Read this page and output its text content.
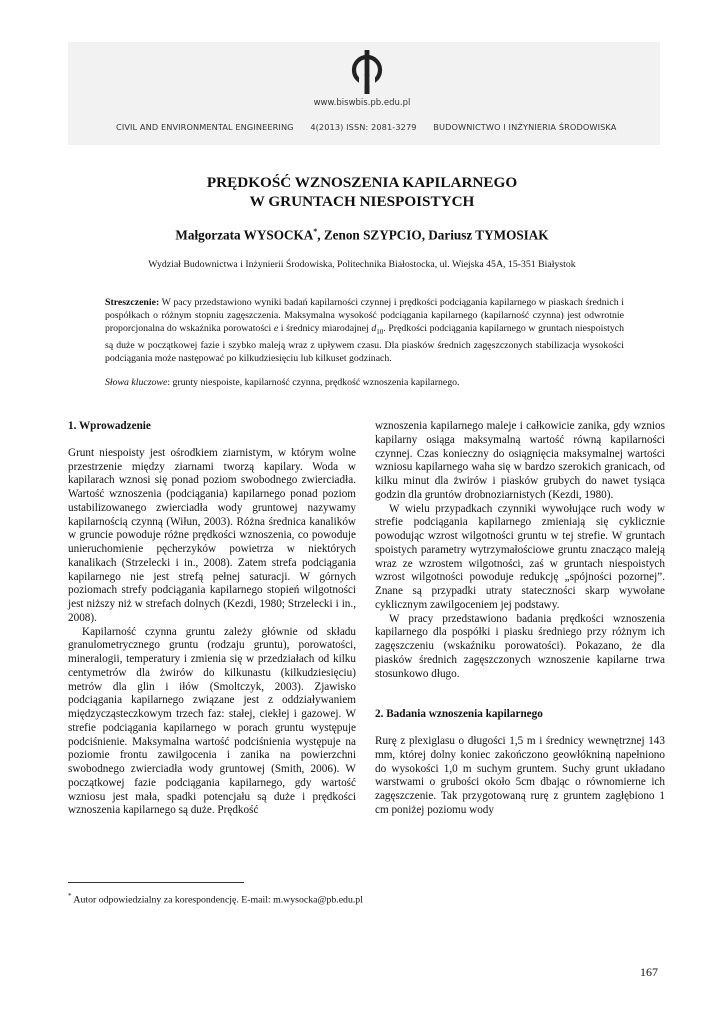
www.biswbis.pb.edu.pl
CIVIL AND ENVIRONMENTAL ENGINEERING 4(2013) ISSN: 2081-3279 BUDOWNICTWO I INŻYNIERIA ŚRODOWISKA
PRĘDKOŚĆ WZNOSZENIA KAPILARNEGO
W GRUNTACH NIESPOISTYCH
Małgorzata WYSOCKA*, Zenon SZYPCIO, Dariusz TYMOSIAK
Wydział Budownictwa i Inżynierii Środowiska, Politechnika Białostocka, ul. Wiejska 45A, 15-351 Białystok
Streszczenie: W pacy przedstawiono wyniki badań kapilarności czynnej i prędkości podciągania kapilarnego w piaskach średnich i pospółkach o różnym stopniu zagęszczenia. Maksymalna wysokość podciągania kapilarnego (kapilarność czynna) jest odwrotnie proporcjonalna do wskaźnika porowatości e i średnicy miarodajnej $d_{10}$. Prędkości podciągania kapilarnego w gruntach niespoistych są duże w początkowej fazie i szybko maleją wraz z upływem czasu. Dla piasków średnich zagęszczonych stabilizacja wysokości podciągania może następować po kilkudziesięciu lub kilkuset godzinach.
Słowa kluczowe: grunty niespoiste, kapilarność czynna, prędkość wznoszenia kapilarnego.

1. Wprowadzenie

Grunt niespoisty jest ośrodkiem ziarnistym, w którym wolne przestrzenie między ziarnami tworzą kapilary. Woda w kapilarach wznosi się ponad poziom swobodnego zwierciadła. Wartość wznoszenia (podciągania) kapilarnego ponad poziom ustabilizowanego zwierciadła wody gruntowej nazywamy kapilarnością czynną (Wiłun, 2003). Różna średnica kanalików w gruncie powoduje różne prędkości wznoszenia, co powoduje unieruchomienie pęcherzyków powietrza w niektórych kanalikach (Strzelecki i in., 2008). Zatem strefa podciągania kapilarnego nie jest strefą pełnej saturacji. W górnych poziomach strefy podciągania kapilarnego stopień wilgotności jest niższy niż w strefach dolnych (Kezdi, 1980; Strzelecki i in., 2008).

Kapilarność czynna gruntu zależy głównie od składu granulometrycznego gruntu (rodzaju gruntu), porowatości, mineralogii, temperatury i zmienia się w przedziałach od kilku centymetrów dla żwirów do kilkunastu (kilkudziesięciu) metrów dla glin i iłów (Smoltczyk, 2003). Zjawisko podciągania kapilarnego związane jest z oddziaływaniem międzycząsteczkowym trzech faz: stałej, ciekłej i gazowej. W strefie podciągania kapilarnego w porach gruntu występuje podciśnienie. Maksymalna wartość podciśnienia występuje na poziomie frontu zawilgocenia i zanika na powierzchni swobodnego zwierciadła wody gruntowej (Smith, 2006). W początkowej fazie podciągania kapilarnego, gdy wartość wzniosu jest mała, spadki potencjału są duże i prędkości wznoszenia kapilarnego są duże. Prędkość

wznoszenia kapilarnego maleje i całkowicie zanika, gdy wznios kapilarny osiąga maksymalną wartość równą kapilarności czynnej. Czas konieczny do osiągnięcia maksymalnej wartości wzniosu kapilarnego waha się w bardzo szerokich granicach, od kilku minut dla żwirów i piasków grubych do nawet tysiąca godzin dla gruntów drobnoziarnistych (Kezdi, 1980).

W wielu przypadkach czynniki wywołujące ruch wody w strefie podciągania kapilarnego zmieniają się cyklicznie powodując wzrost wilgotności gruntu w tej strefie. W gruntach spoistych parametry wytrzymałościowe gruntu znacząco maleją wraz ze wzrostem wilgotności, zaś w gruntach niespoistych wzrost wilgotności powoduje redukcję „spójności pozornej”. Znane są przypadki utraty stateczności skarp wywołane cyklicznym zawilgoceniem jej podstawy.

W pracy przedstawiono badania prędkości wznoszenia kapilarnego dla pospółki i piasku średniego przy różnym ich zagęszczeniu (wskaźniku porowatości). Pokazano, że dla piasków średnich zagęszczonych wznoszenie kapilarne trwa stosunkowo długo.

2. Badania wznoszenia kapilarnego

Rurę z plexiglasu o długości 1,5 m i średnicy wewnętrznej 143 mm, której dolny koniec zakończono geowłókniną napełniono do wysokości 1,0 m suchym gruntem. Suchy grunt układano warstwami o grubości około 5cm dbając o równomierne ich zagęszczenie. Tak przygotowaną rurę z gruntem zagłębiono 1 cm poniżej poziomu wody

* Autor odpowiedzialny za korespondencję. E-mail: m.wysocka@pb.edu.pl
167
